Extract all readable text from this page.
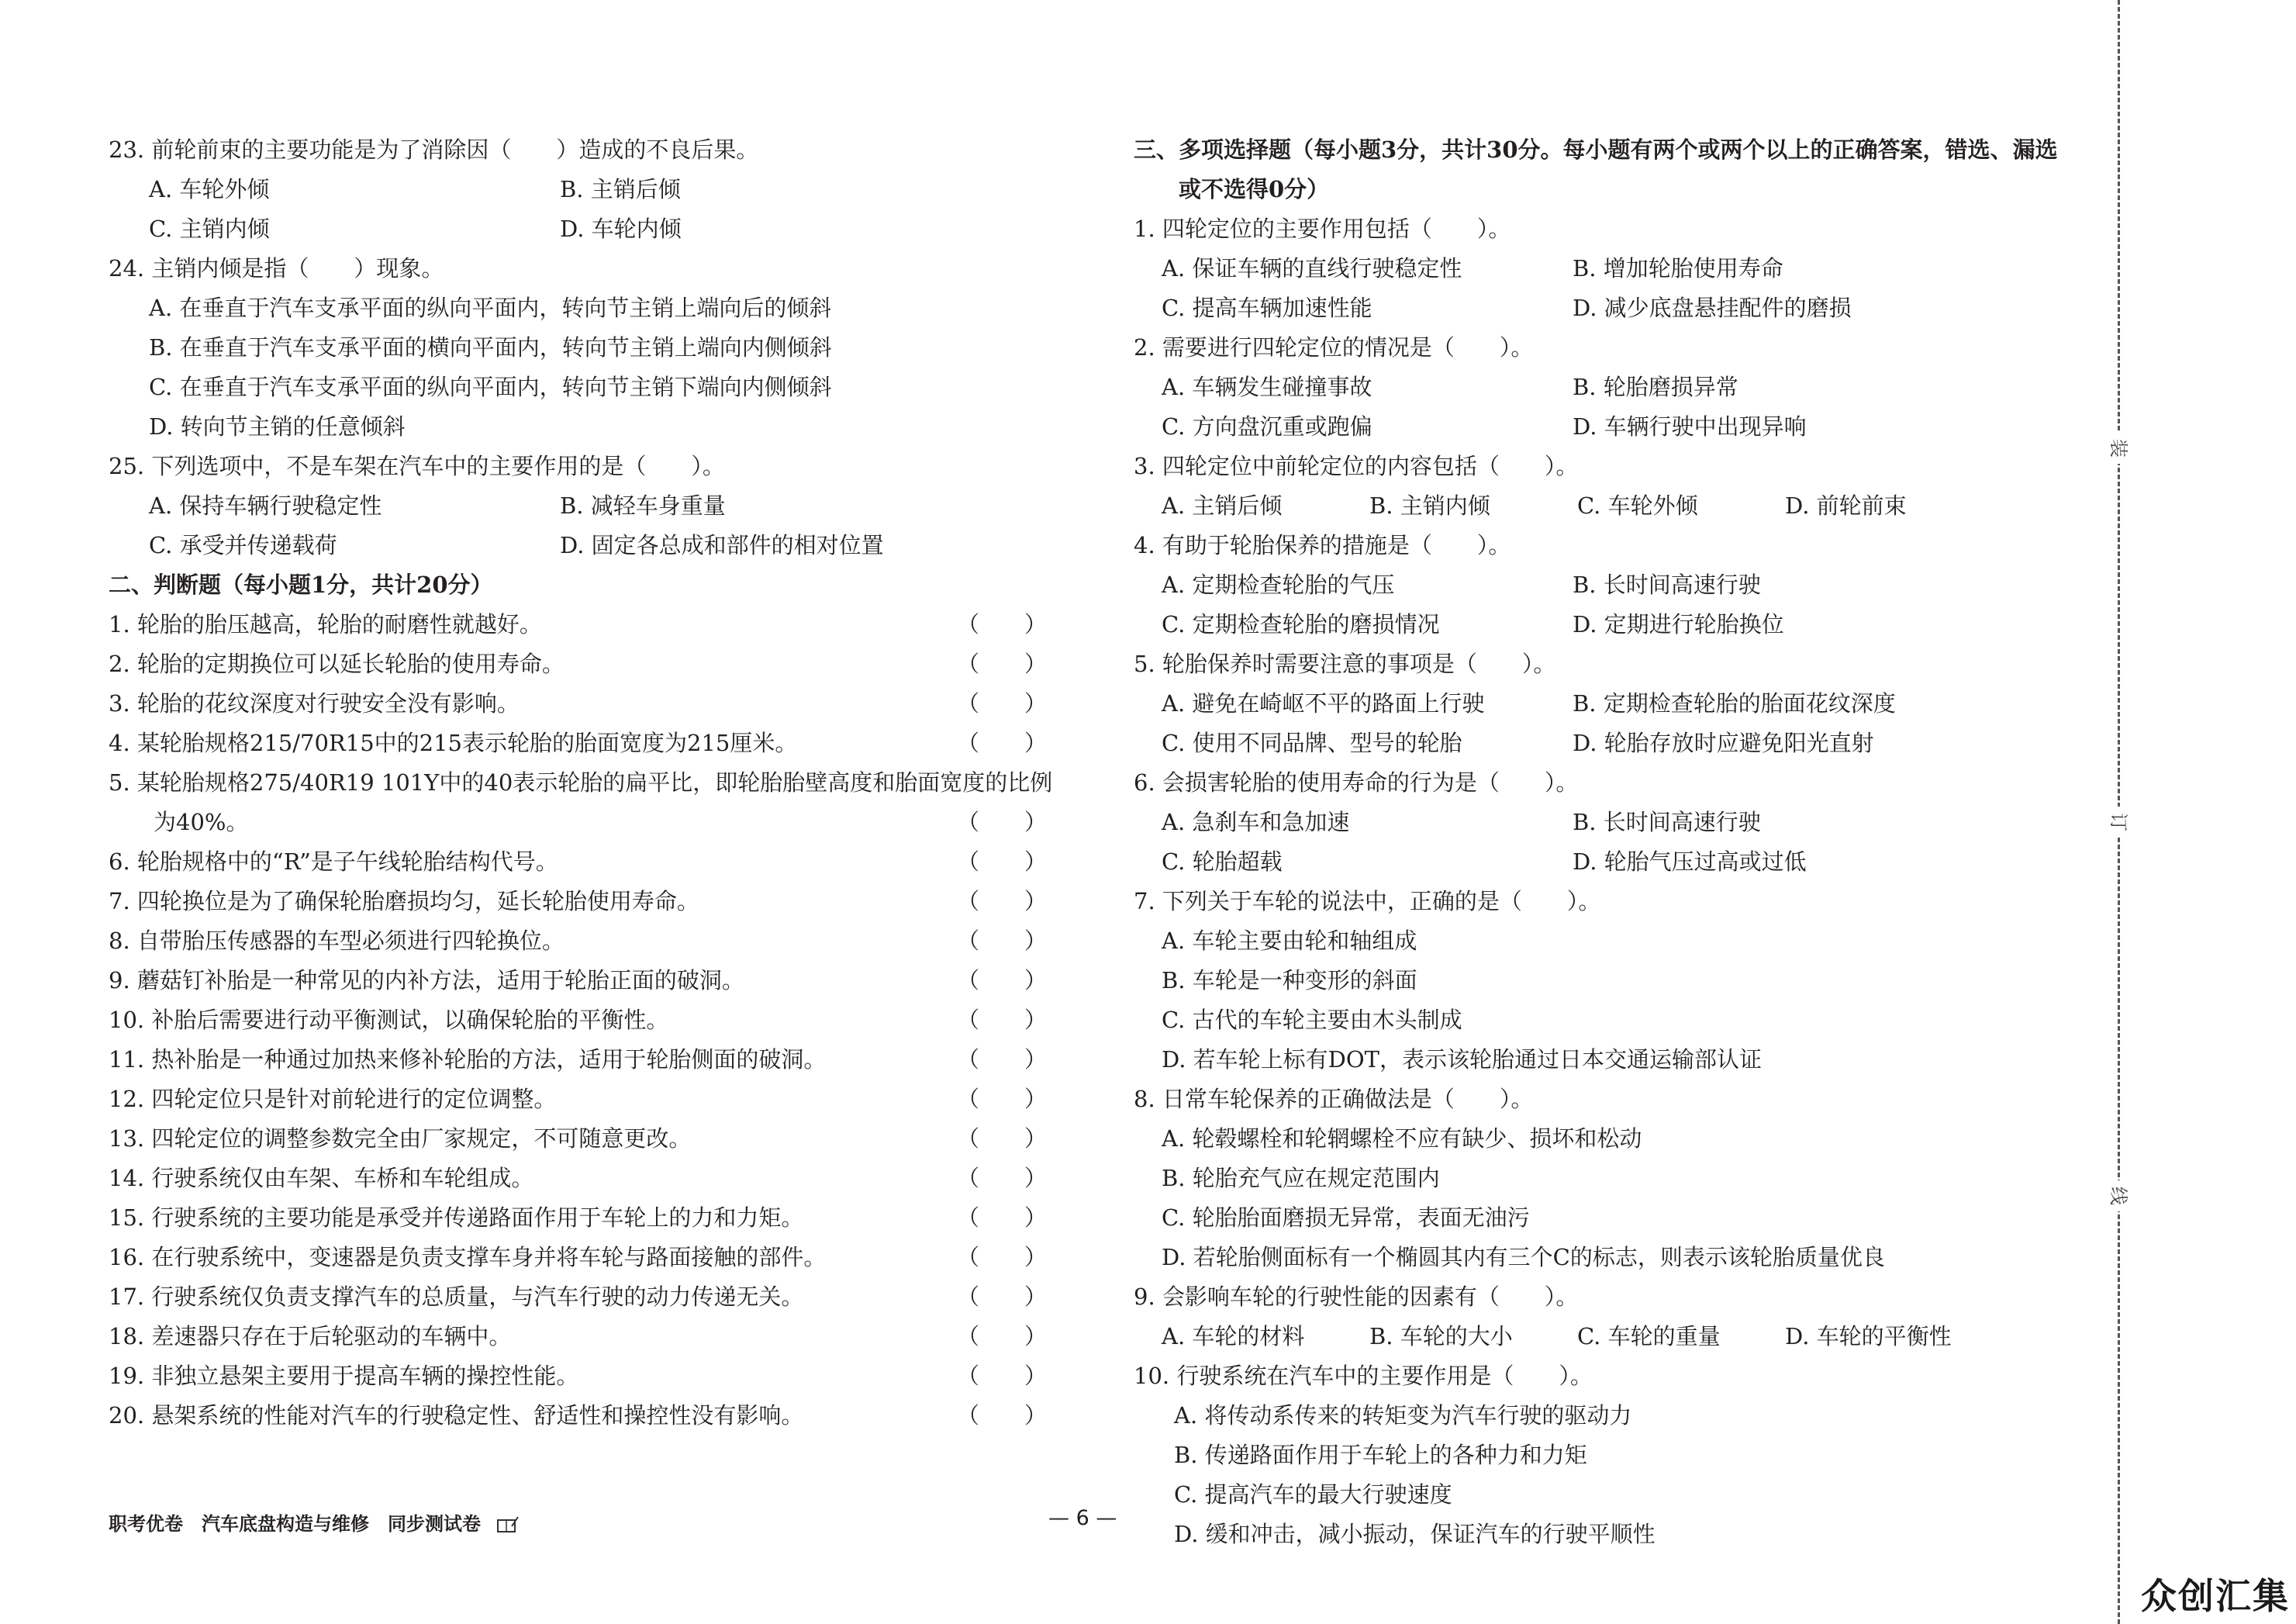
23. 前轮前束的主要功能是为了消除因（　　）造成的不良后果。
A. 车轮外倾	B. 主销后倾
C. 主销内倾	D. 车轮内倾
24. 主销内倾是指（　　）现象。
A. 在垂直于汽车支承平面的纵向平面内，转向节主销上端向后的倾斜
B. 在垂直于汽车支承平面的横向平面内，转向节主销上端向内侧倾斜
C. 在垂直于汽车支承平面的纵向平面内，转向节主销下端向内侧倾斜
D. 转向节主销的任意倾斜
25. 下列选项中，不是车架在汽车中的主要作用的是（　　）。
A. 保持车辆行驶稳定性	B. 减轻车身重量
C. 承受并传递载荷	D. 固定各总成和部件的相对位置
二、判断题（每小题1分，共计20分）
1. 轮胎的胎压越高，轮胎的耐磨性就越好。	（　　）
2. 轮胎的定期换位可以延长轮胎的使用寿命。	（　　）
3. 轮胎的花纹深度对行驶安全没有影响。	（　　）
4. 某轮胎规格215/70R15中的215表示轮胎的胎面宽度为215厘米。	（　　）
5. 某轮胎规格275/40R19 101Y中的40表示轮胎的扁平比，即轮胎胎壁高度和胎面宽度的比例
为40%。	（　　）
6. 轮胎规格中的“R”是子午线轮胎结构代号。	（　　）
7. 四轮换位是为了确保轮胎磨损均匀，延长轮胎使用寿命。	（　　）
8. 自带胎压传感器的车型必须进行四轮换位。	（　　）
9. 蘑菇钉补胎是一种常见的内补方法，适用于轮胎正面的破洞。	（　　）
10. 补胎后需要进行动平衡测试，以确保轮胎的平衡性。	（　　）
11. 热补胎是一种通过加热来修补轮胎的方法，适用于轮胎侧面的破洞。	（　　）
12. 四轮定位只是针对前轮进行的定位调整。	（　　）
13. 四轮定位的调整参数完全由厂家规定，不可随意更改。	（　　）
14. 行驶系统仅由车架、车桥和车轮组成。	（　　）
15. 行驶系统的主要功能是承受并传递路面作用于车轮上的力和力矩。	（　　）
16. 在行驶系统中，变速器是负责支撑车身并将车轮与路面接触的部件。	（　　）
17. 行驶系统仅负责支撑汽车的总质量，与汽车行驶的动力传递无关。	（　　）
18. 差速器只存在于后轮驱动的车辆中。	（　　）
19. 非独立悬架主要用于提高车辆的操控性能。	（　　）
20. 悬架系统的性能对汽车的行驶稳定性、舒适性和操控性没有影响。	（　　）
三、多项选择题（每小题3分，共计30分。每小题有两个或两个以上的正确答案，错选、漏选
或不选得0分）
1. 四轮定位的主要作用包括（　　）。
A. 保证车辆的直线行驶稳定性	B. 增加轮胎使用寿命
C. 提高车辆加速性能	D. 减少底盘悬挂配件的磨损
2. 需要进行四轮定位的情况是（　　）。
A. 车辆发生碰撞事故	B. 轮胎磨损异常
C. 方向盘沉重或跑偏	D. 车辆行驶中出现异响
3. 四轮定位中前轮定位的内容包括（　　）。
A. 主销后倾	B. 主销内倾	C. 车轮外倾	D. 前轮前束
4. 有助于轮胎保养的措施是（　　）。
A. 定期检查轮胎的气压	B. 长时间高速行驶
C. 定期检查轮胎的磨损情况	D. 定期进行轮胎换位
5. 轮胎保养时需要注意的事项是（　　）。
A. 避免在崎岖不平的路面上行驶	B. 定期检查轮胎的胎面花纹深度
C. 使用不同品牌、型号的轮胎	D. 轮胎存放时应避免阳光直射
6. 会损害轮胎的使用寿命的行为是（　　）。
A. 急刹车和急加速	B. 长时间高速行驶
C. 轮胎超载	D. 轮胎气压过高或过低
7. 下列关于车轮的说法中，正确的是（　　）。
A. 车轮主要由轮和轴组成
B. 车轮是一种变形的斜面
C. 古代的车轮主要由木头制成
D. 若车轮上标有DOT，表示该轮胎通过日本交通运输部认证
8. 日常车轮保养的正确做法是（　　）。
A. 轮毂螺栓和轮辋螺栓不应有缺少、损坏和松动
B. 轮胎充气应在规定范围内
C. 轮胎胎面磨损无异常，表面无油污
D. 若轮胎侧面标有一个椭圆其内有三个C的标志，则表示该轮胎质量优良
9. 会影响车轮的行驶性能的因素有（　　）。
A. 车轮的材料	B. 车轮的大小	C. 车轮的重量	D. 车轮的平衡性
10. 行驶系统在汽车中的主要作用是（　　）。
A. 将传动系传来的转矩变为汽车行驶的驱动力
B. 传递路面作用于车轮上的各种力和力矩
C. 提高汽车的最大行驶速度
D. 缓和冲击，减小振动，保证汽车的行驶平顺性
职考优卷　汽车底盘构造与维修　同步测试卷	— 6 —
装
订
线
众创汇集
